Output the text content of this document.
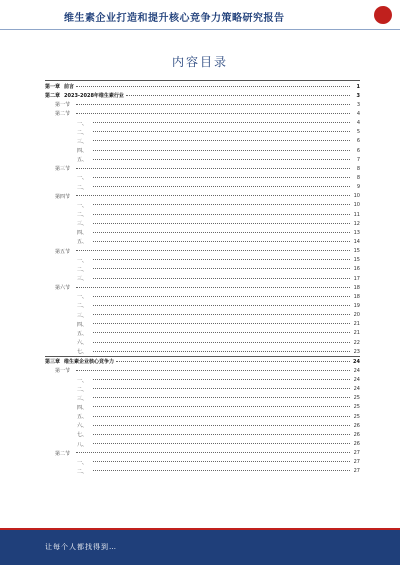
维生素企业打造和提升核心竞争力策略研究报告
内容目录
第一章 前言	1
第二章 2023-2028年维生素行业	3
第一节	3
第二节	4
一、	4
二、	5
三、	6
四、	6
五、	7
第三节	8
一、	8
二、	9
第四节	10
一、	10
二、	11
三、	12
四、	13
五、	14
第五节	15
一、	15
二、	16
三、	17
第六节	18
一、	18
二、	19
三、	20
四、	21
五、	21
六、	22
七、	23
第三章 维生素企业核心竞争力	24
第一节	24
一、	24
二、	24
三、	25
四、	25
五、	25
六、	26
七、	26
八、	26
第二节	27
一、	27
二、	27
让每个人都找得到…
